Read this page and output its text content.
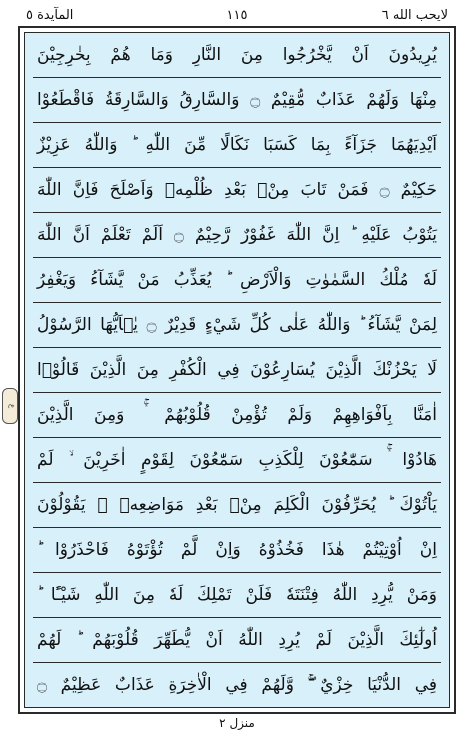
المآيدة ٥	١١٥	لايحب الله ٦
يُرِيدُونَ اَنْ يَّخْرُجُوا مِنَ النَّارِ وَمَا هُمْ بِخٰرِجِيْنَ
مِنْهَا وَلَهُمْ عَذَابٌ مُّقِيْمٌ ۝ وَالسَّارِقُ وَالسَّارِقَةُ فَاقْطَعُوْا
اَيْدِيَهُمَا جَزَآءً بِمَا كَسَبَا نَكَالًا مِّنَ اللّٰهِ ؕ وَاللّٰهُ عَزِيْزٌ
حَكِيْمٌ ۝ فَمَنْ تَابَ مِنْۢ بَعْدِ ظُلْمِهٖ وَاَصْلَحَ فَاِنَّ اللّٰهَ
يَتُوْبُ عَلَيْهِ ؕ اِنَّ اللّٰهَ غَفُوْرٌ رَّحِيْمٌ ۝ اَلَمْ تَعْلَمْ اَنَّ اللّٰهَ
لَهٗ مُلْكُ السَّمٰوٰتِ وَالْاَرْضِ ؕ يُعَذِّبُ مَنْ يَّشَآءُ وَيَغْفِرُ
لِمَنْ يَّشَآءُ ؕ وَاللّٰهُ عَلٰى كُلِّ شَيْءٍ قَدِيْرٌ ۝ يٰۤاَيُّهَا الرَّسُوْلُ
لَا يَحْزُنْكَ الَّذِيْنَ يُسَارِعُوْنَ فِي الْكُفْرِ مِنَ الَّذِيْنَ قَالُوْۤا
اٰمَنَّا بِاَفْوَاهِهِمْ وَلَمْ تُؤْمِنْ قُلُوْبُهُمْ ۛۚ وَمِنَ الَّذِيْنَ
هَادُوْا ۛۚ سَمّٰعُوْنَ لِلْكَذِبِ سَمّٰعُوْنَ لِقَوْمٍ اٰخَرِيْنَ ۙ لَمْ
يَاْتُوْكَ ؕ يُحَرِّفُوْنَ الْكَلِمَ مِنْۢ بَعْدِ مَوَاضِعِهٖ ۚ يَقُوْلُوْنَ
اِنْ اُوْتِيْتُمْ هٰذَا فَخُذُوْهُ وَاِنْ لَّمْ تُؤْتَوْهُ فَاحْذَرُوْا ؕ
وَمَنْ يُّرِدِ اللّٰهُ فِتْنَتَهٗ فَلَنْ تَمْلِكَ لَهٗ مِنَ اللّٰهِ شَيْـًٔا ؕ
اُولٰٓئِكَ الَّذِيْنَ لَمْ يُرِدِ اللّٰهُ اَنْ يُّطَهِّرَ قُلُوْبَهُمْ ؕ لَهُمْ
فِي الدُّنْيَا خِزْيٌ ۚۖ وَّلَهُمْ فِي الْاٰخِرَةِ عَذَابٌ عَظِيْمٌ ۝
ع
منزل ٢
